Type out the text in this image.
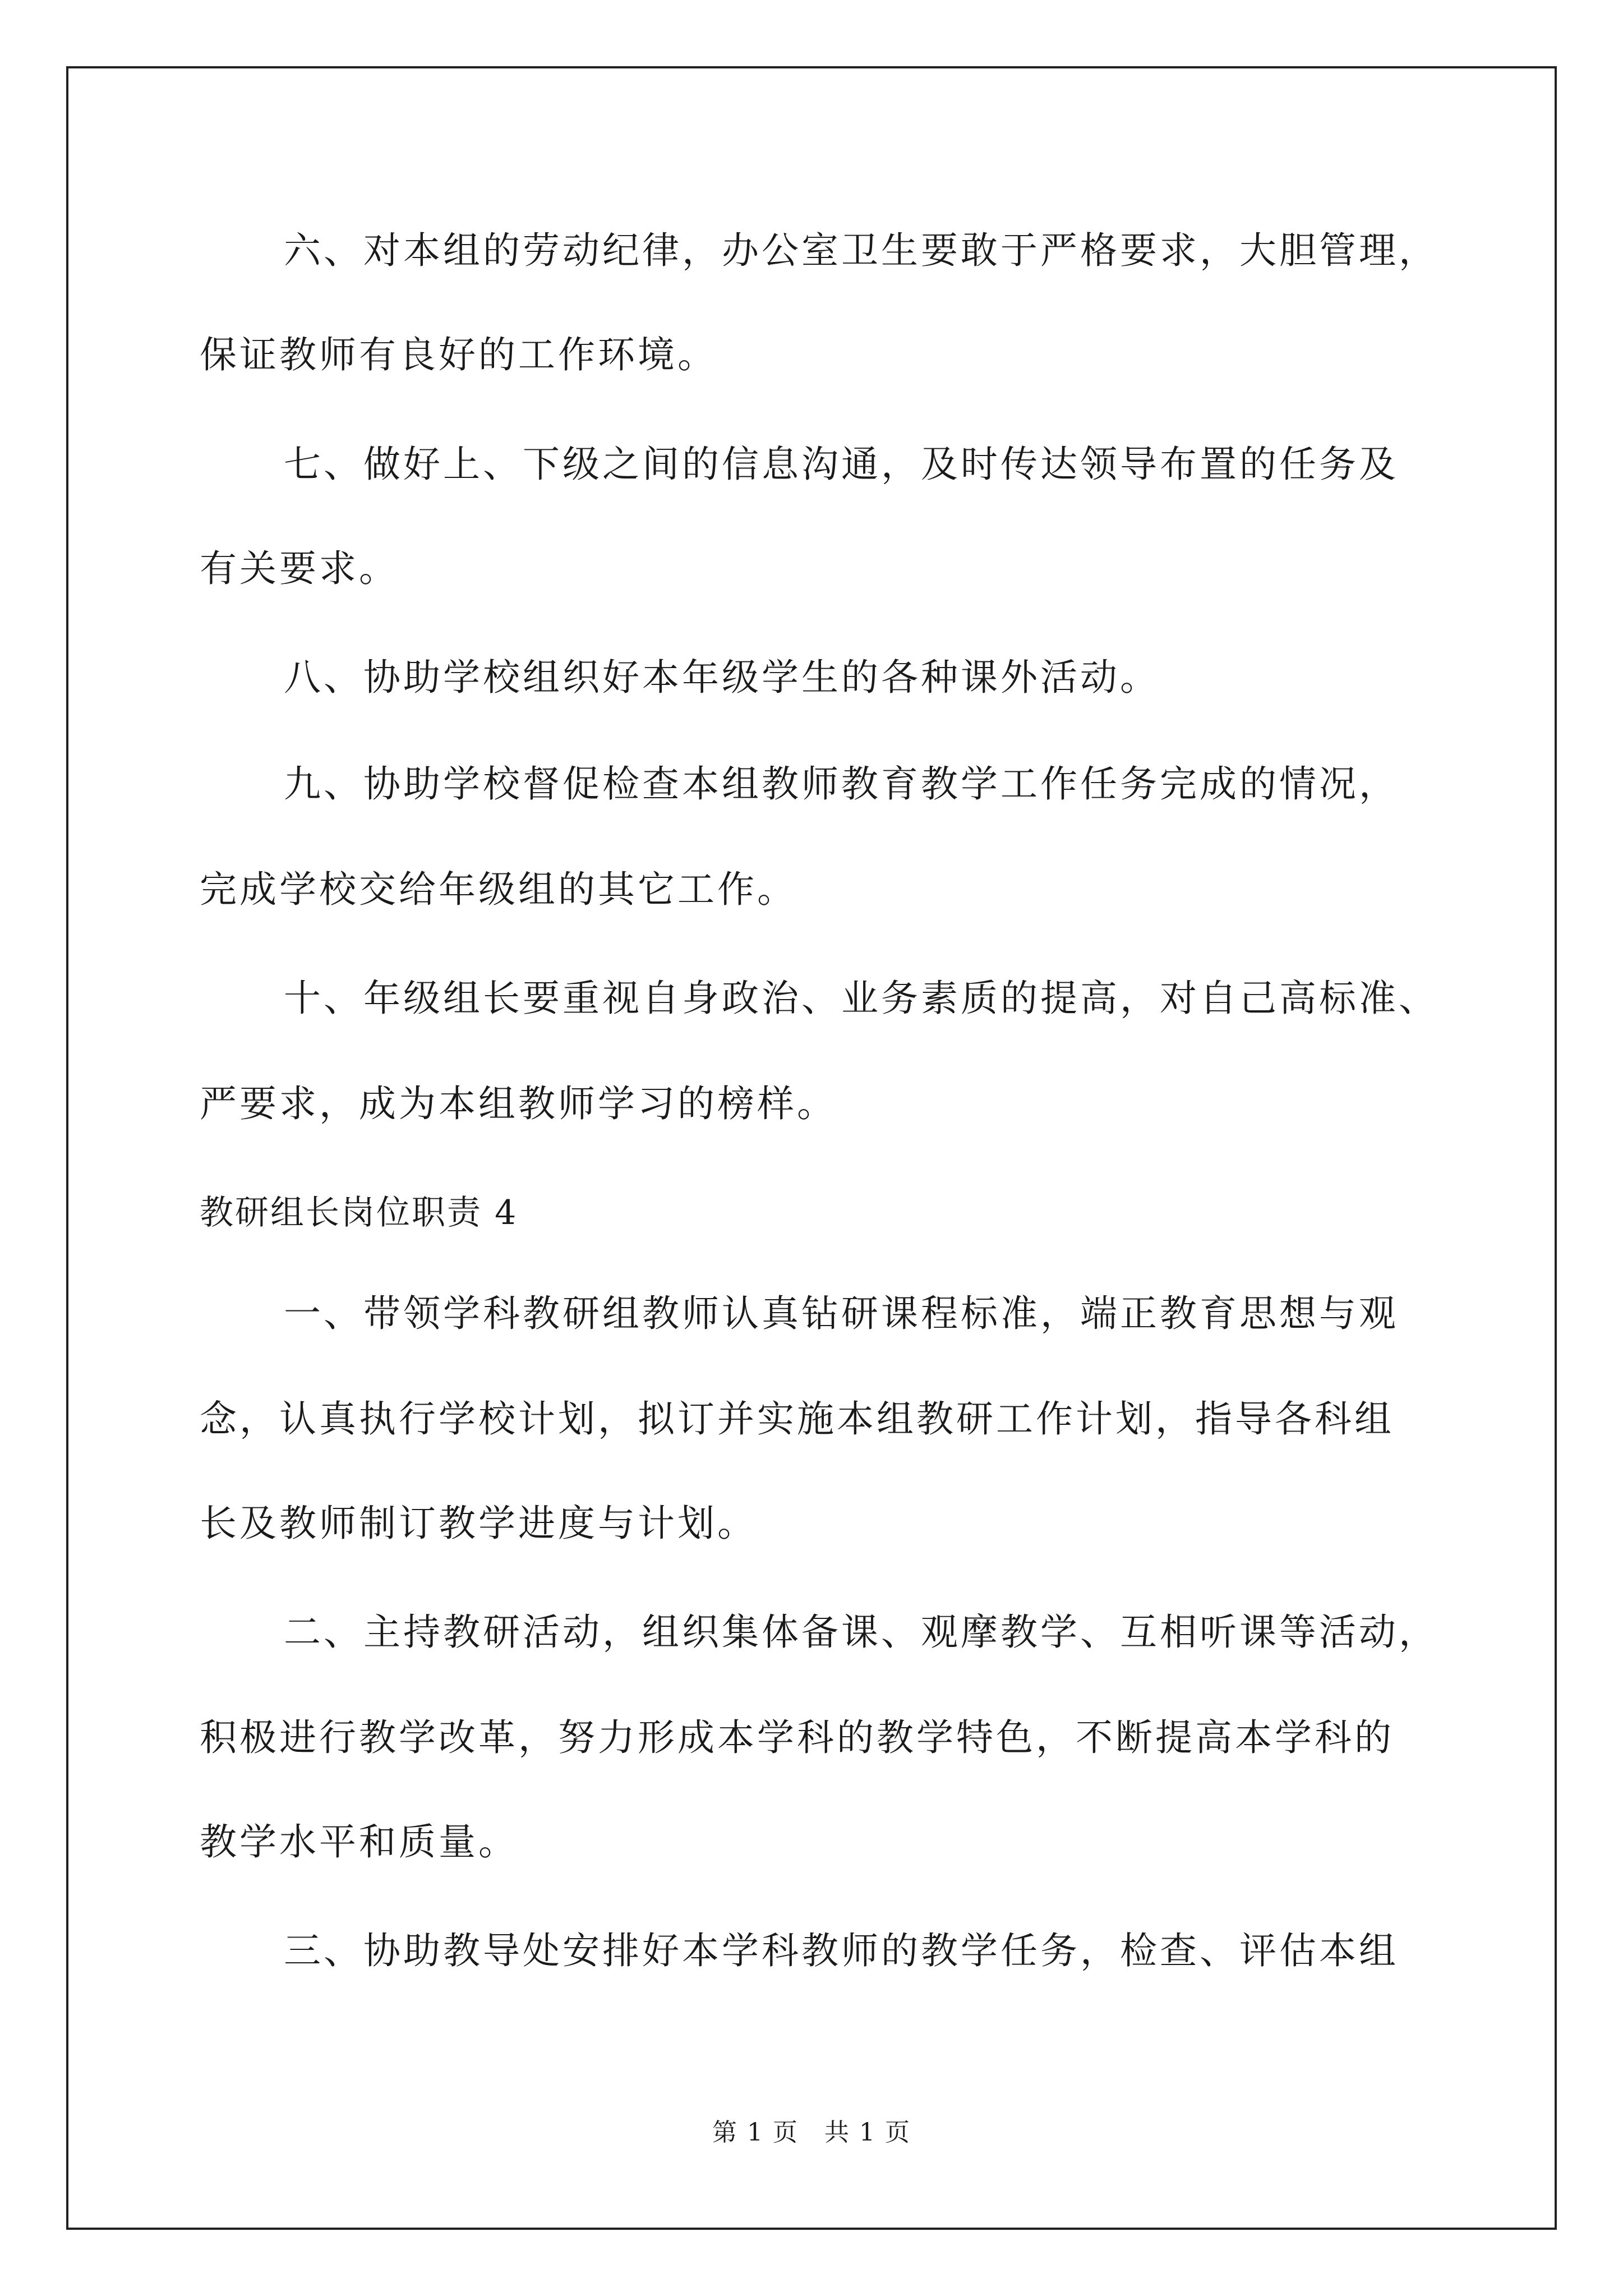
六、对本组的劳动纪律，办公室卫生要敢于严格要求，大胆管理，
保证教师有良好的工作环境。
七、做好上、下级之间的信息沟通，及时传达领导布置的任务及
有关要求。
八、协助学校组织好本年级学生的各种课外活动。
九、协助学校督促检查本组教师教育教学工作任务完成的情况，
完成学校交给年级组的其它工作。
十、年级组长要重视自身政治、业务素质的提高，对自己高标准、
严要求，成为本组教师学习的榜样。
教研组长岗位职责 4
一、带领学科教研组教师认真钻研课程标准，端正教育思想与观
念，认真执行学校计划，拟订并实施本组教研工作计划，指导各科组
长及教师制订教学进度与计划。
二、主持教研活动，组织集体备课、观摩教学、互相听课等活动，
积极进行教学改革，努力形成本学科的教学特色，不断提高本学科的
教学水平和质量。
三、协助教导处安排好本学科教师的教学任务，检查、评估本组
第 1 页　共 1 页
